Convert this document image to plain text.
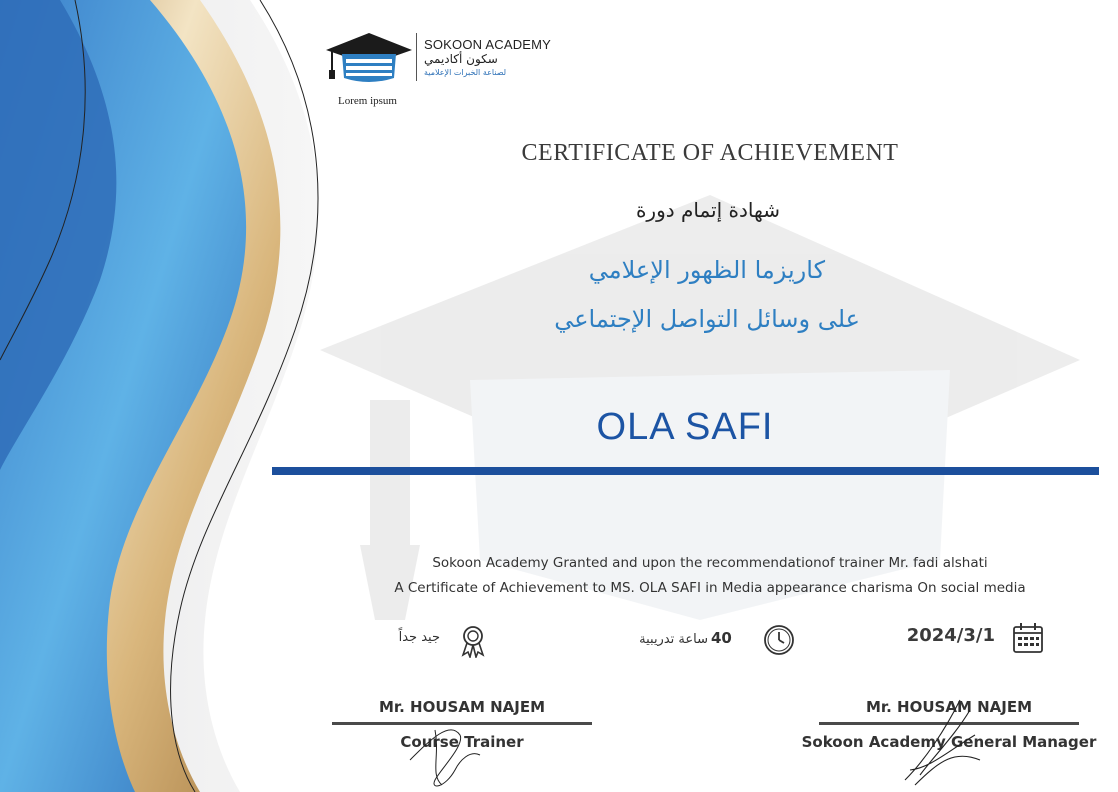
SOKOON ACADEMY
سكون أكاديمي
لصناعة الخبرات الإعلامية
Lorem ipsum
CERTIFICATE OF ACHIEVEMENT
شهادة إتمام دورة
كاريزما الظهور الإعلامي
على وسائل التواصل الإجتماعي
OLA SAFI
Sokoon Academy Granted and upon the recommendationof trainer Mr. fadi alshati
A Certificate of Achievement to MS. OLA SAFI in Media appearance charisma On social media
جيد جداً	ساعة تدريبية 40	2024/3/1
Mr. HOUSAM NAJEM
Course Trainer
Mr. HOUSAM NAJEM
Sokoon Academy General Manager
